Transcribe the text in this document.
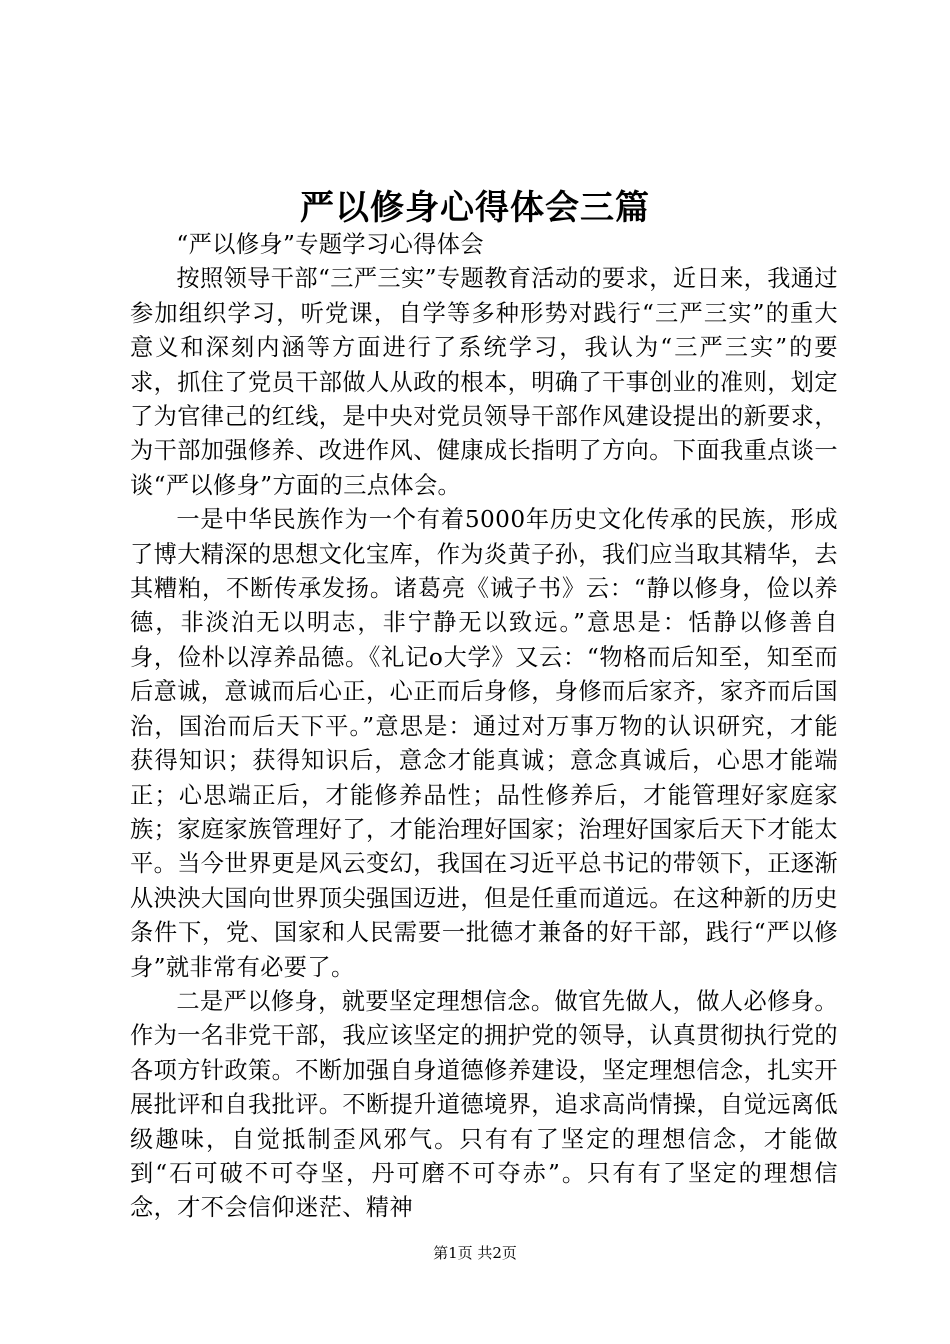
严以修身心得体会三篇

“严以修身”专题学习心得体会

按照领导干部“三严三实”专题教育活动的要求，近日来，我通过参加组织学习，听党课，自学等多种形势对践行“三严三实”的重大意义和深刻内涵等方面进行了系统学习，我认为“三严三实”的要求，抓住了党员干部做人从政的根本，明确了干事创业的准则，划定了为官律己的红线，是中央对党员领导干部作风建设提出的新要求，为干部加强修养、改进作风、健康成长指明了方向。下面我重点谈一谈“严以修身”方面的三点体会。

一是中华民族作为一个有着5000年历史文化传承的民族，形成了博大精深的思想文化宝库，作为炎黄子孙，我们应当取其精华，去其糟粕，不断传承发扬。诸葛亮《诫子书》云：“静以修身，俭以养德，非淡泊无以明志，非宁静无以致远。”意思是：恬静以修善自身，俭朴以淳养品德。《礼记o大学》又云：“物格而后知至，知至而后意诚，意诚而后心正，心正而后身修，身修而后家齐，家齐而后国治，国治而后天下平。”意思是：通过对万事万物的认识研究，才能获得知识；获得知识后，意念才能真诚；意念真诚后，心思才能端正；心思端正后，才能修养品性；品性修养后，才能管理好家庭家族；家庭家族管理好了，才能治理好国家；治理好国家后天下才能太平。当今世界更是风云变幻，我国在习近平总书记的带领下，正逐渐从泱泱大国向世界顶尖强国迈进，但是任重而道远。在这种新的历史条件下，党、国家和人民需要一批德才兼备的好干部，践行“严以修身”就非常有必要了。

二是严以修身，就要坚定理想信念。做官先做人，做人必修身。作为一名非党干部，我应该坚定的拥护党的领导，认真贯彻执行党的各项方针政策。不断加强自身道德修养建设，坚定理想信念，扎实开展批评和自我批评。不断提升道德境界，追求高尚情操，自觉远离低级趣味，自觉抵制歪风邪气。只有有了坚定的理想信念，才能做到“石可破不可夺坚，丹可磨不可夺赤”。只有有了坚定的理想信念，才不会信仰迷茫、精神

第1页 共2页
